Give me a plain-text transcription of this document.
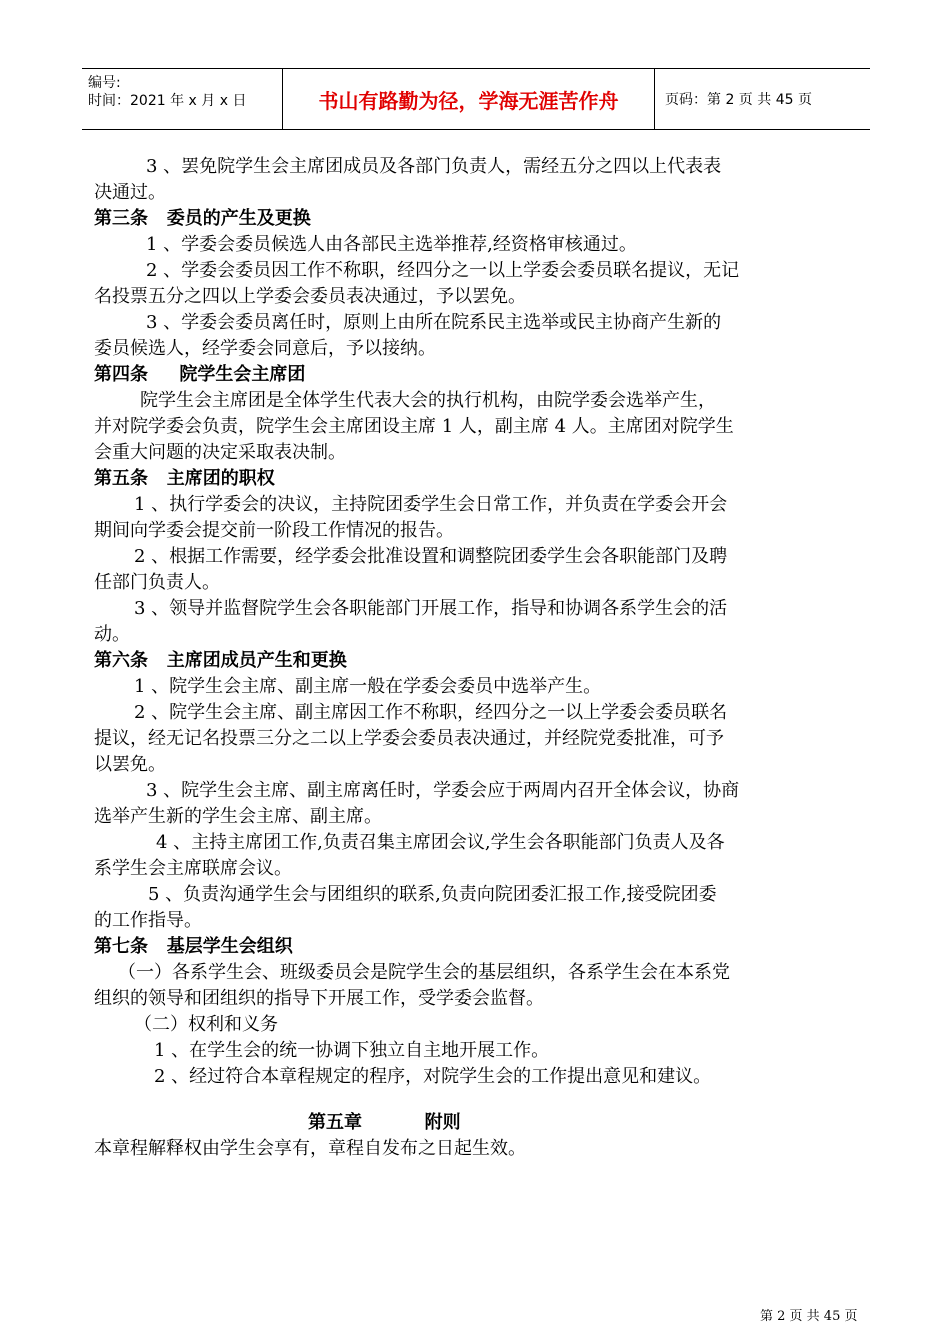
编号:
时间：2021 年 x 月 x 日	书山有路勤为径，学海无涯苦作舟	页码：第 2 页 共 45 页
3 、罢免院学生会主席团成员及各部门负责人，需经五分之四以上代表表
决通过。
第三条   委员的产生及更换
1 、学委会委员候选人由各部民主选举推荐,经资格审核通过。
2 、学委会委员因工作不称职，经四分之一以上学委会委员联名提议，无记
名投票五分之四以上学委会委员表决通过，予以罢免。
3 、学委会委员离任时，原则上由所在院系民主选举或民主协商产生新的
委员候选人，经学委会同意后，予以接纳。
第四条     院学生会主席团
院学生会主席团是全体学生代表大会的执行机构，由院学委会选举产生，
并对院学委会负责，院学生会主席团设主席 1 人，副主席 4 人。主席团对院学生
会重大问题的决定采取表决制。
第五条   主席团的职权
1 、执行学委会的决议，主持院团委学生会日常工作，并负责在学委会开会
期间向学委会提交前一阶段工作情况的报告。
2 、根据工作需要，经学委会批准设置和调整院团委学生会各职能部门及聘
任部门负责人。
3 、领导并监督院学生会各职能部门开展工作，指导和协调各系学生会的活
动。
第六条   主席团成员产生和更换
1 、院学生会主席、副主席一般在学委会委员中选举产生。
2 、院学生会主席、副主席因工作不称职，经四分之一以上学委会委员联名
提议，经无记名投票三分之二以上学委会委员表决通过，并经院党委批准，可予
以罢免。
3 、院学生会主席、副主席离任时，学委会应于两周内召开全体会议，协商
选举产生新的学生会主席、副主席。
4 、主持主席团工作,负责召集主席团会议,学生会各职能部门负责人及各
系学生会主席联席会议。
5 、负责沟通学生会与团组织的联系,负责向院团委汇报工作,接受院团委
的工作指导。
第七条   基层学生会组织
（一）各系学生会、班级委员会是院学生会的基层组织，各系学生会在本系党
组织的领导和团组织的指导下开展工作，受学委会监督。
（二）权利和义务
1 、在学生会的统一协调下独立自主地开展工作。
2 、经过符合本章程规定的程序，对院学生会的工作提出意见和建议。
第五章          附则
本章程解释权由学生会享有，章程自发布之日起生效。
第 2 页 共 45 页
